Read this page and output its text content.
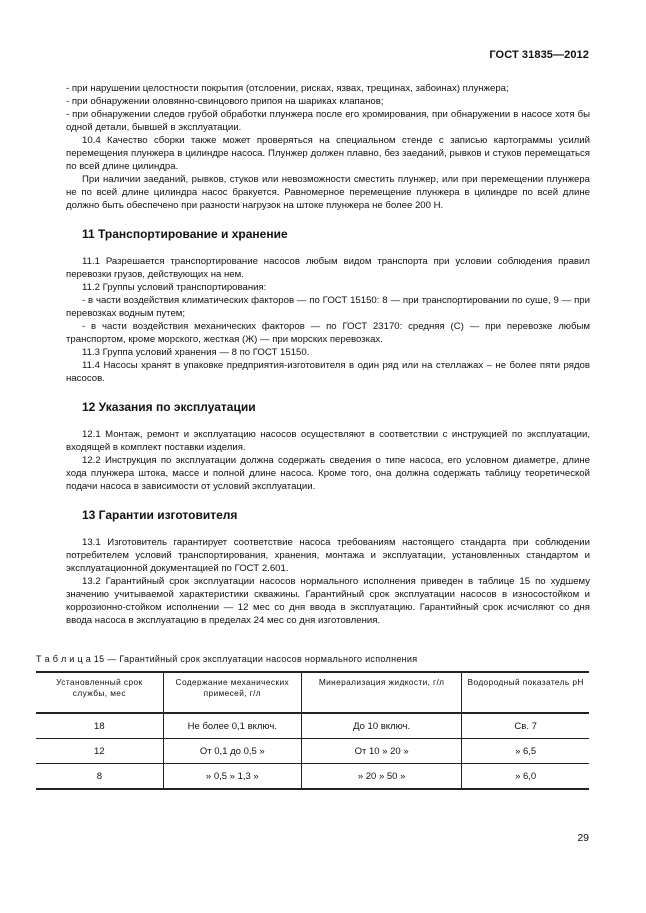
ГОСТ 31835—2012

- при нарушении целостности покрытия (отслоении, рисках, язвах, трещинах, забоинах) плунжера;

- при обнаружении оловянно-свинцового припоя на шариках клапанов;

- при обнаружении следов грубой обработки плунжера после его хромирования, при обнаружении в насосе хотя бы одной детали, бывшей в эксплуатации.

10.4 Качество сборки также может проверяться на специальном стенде с записью картограммы усилий перемещения плунжера в цилиндре насоса. Плунжер должен плавно, без заеданий, рывков и стуков перемещаться по всей длине цилиндра.

При наличии заеданий, рывков, стуков или невозможности сместить плунжер, или при перемещении плунжера не по всей длине цилиндра насос бракуется. Равномерное перемещение плунжера в цилиндре по всей длине должно быть обеспечено при разности нагрузок на штоке плунжера не более 200 Н.

11 Транспортирование и хранение

11.1 Разрешается транспортирование насосов любым видом транспорта при условии соблюдения правил перевозки грузов, действующих на нем.

11.2 Группы условий транспортирования:

- в части воздействия климатических факторов — по ГОСТ 15150: 8 — при транспортировании по суше, 9 — при перевозках водным путем;

- в части воздействия механических факторов — по ГОСТ 23170: средняя (С) — при перевозке любым транспортом, кроме морского, жесткая (Ж) — при морских перевозках.

11.3 Группа условий хранения — 8 по ГОСТ 15150.

11.4 Насосы хранят в упаковке предприятия-изготовителя в один ряд или на стеллажах – не более пяти рядов насосов.

12 Указания по эксплуатации

12.1 Монтаж, ремонт и эксплуатацию насосов осуществляют в соответствии с инструкцией по эксплуатации, входящей в комплект поставки изделия.

12.2 Инструкция по эксплуатации должна содержать сведения о типе насоса, его условном диаметре, длине хода плунжера штока, массе и полной длине насоса. Кроме того, она должна содержать таблицу теоретической подачи насоса в зависимости от условий эксплуатации.

13 Гарантии изготовителя

13.1 Изготовитель гарантирует соответствие насоса требованиям настоящего стандарта при соблюдении потребителем условий транспортирования, хранения, монтажа и эксплуатации, установленных стандартом и эксплуатационной документацией по ГОСТ 2.601.

13.2 Гарантийный срок эксплуатации насосов нормального исполнения приведен в таблице 15 по худшему значению учитываемой характеристики скважины. Гарантийный срок эксплуатации насосов в износостойком и коррозионно-стойком исполнении — 12 мес со дня ввода в эксплуатацию. Гарантийный срок исчисляют со дня ввода насоса в эксплуатацию в пределах 24 мес со дня изготовления.

Т а б л и ц а 15 — Гарантийный срок эксплуатации насосов нормального исполнения
Установленный срок службы, мес	Содержание механических примесей, г/л	Минерализация жидкости, г/л	Водородный показатель pH
18	Не более 0,1 включ.	До 10 включ.	Св. 7
12	От 0,1 до 0,5 »	От 10 » 20 »	» 6,5
8	» 0,5 » 1,3 »	» 20 » 50 »	» 6,0
29
